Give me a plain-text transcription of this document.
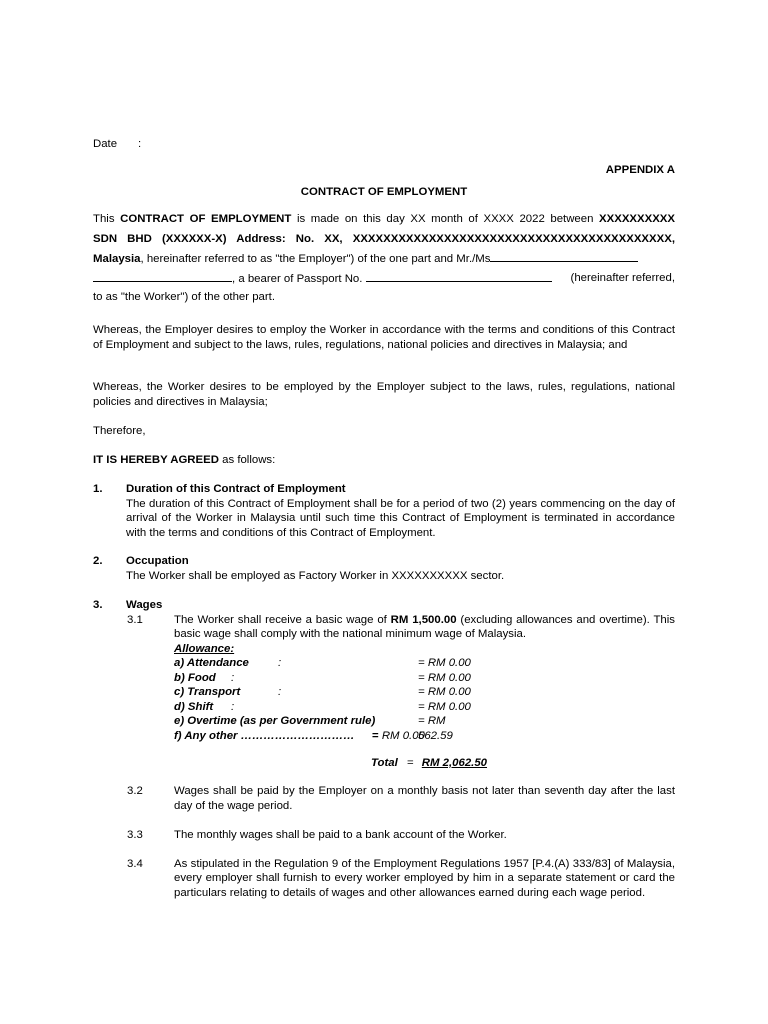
Date :
APPENDIX A
CONTRACT OF EMPLOYMENT
This CONTRACT OF EMPLOYMENT is made on this day XX month of XXXX 2022 between XXXXXXXXXX
SDN BHD (XXXXXX-X) Address: No. XX, XXXXXXXXXXXXXXXXXXXXXXXXXXXXXXXXXXXXXXXXXX,
Malaysia, hereinafter referred to as "the Employer") of the one part and Mr./Ms
, a bearer of Passport No.	(hereinafter referred,
to as "the Worker") of the other part.
Whereas, the Employer desires to employ the Worker in accordance with the terms and conditions of this Contract of Employment and subject to the laws, rules, regulations, national policies and directives in Malaysia; and
Whereas, the Worker desires to be employed by the Employer subject to the laws, rules, regulations, national policies and directives in Malaysia;
Therefore,
IT IS HEREBY AGREED as follows:
1. Duration of this Contract of Employment
The duration of this Contract of Employment shall be for a period of two (2) years commencing on the day of arrival of the Worker in Malaysia until such time this Contract of Employment is terminated in accordance with the terms and conditions of this Contract of Employment.
2. Occupation
The Worker shall be employed as Factory Worker in XXXXXXXXXX sector.
3. Wages
3.1	The Worker shall receive a basic wage of RM 1,500.00 (excluding allowances and overtime). This basic wage shall comply with the national minimum wage of Malaysia.
Allowance:
a) Attendance	:	= RM 0.00
b) Food :	= RM 0.00
c) Transport	:	= RM 0.00
d) Shift :	= RM 0.00
e) Overtime (as per Government rule)	= RM 562.59
f) Any other ………………………… = RM 0.00
Total = RM 2,062.50
3.2	Wages shall be paid by the Employer on a monthly basis not later than seventh day after the last day of the wage period.
3.3	The monthly wages shall be paid to a bank account of the Worker.
3.4	As stipulated in the Regulation 9 of the Employment Regulations 1957 [P.4.(A) 333/83] of Malaysia, every employer shall furnish to every worker employed by him in a separate statement or card the particulars relating to details of wages and other allowances earned during each wage period.
